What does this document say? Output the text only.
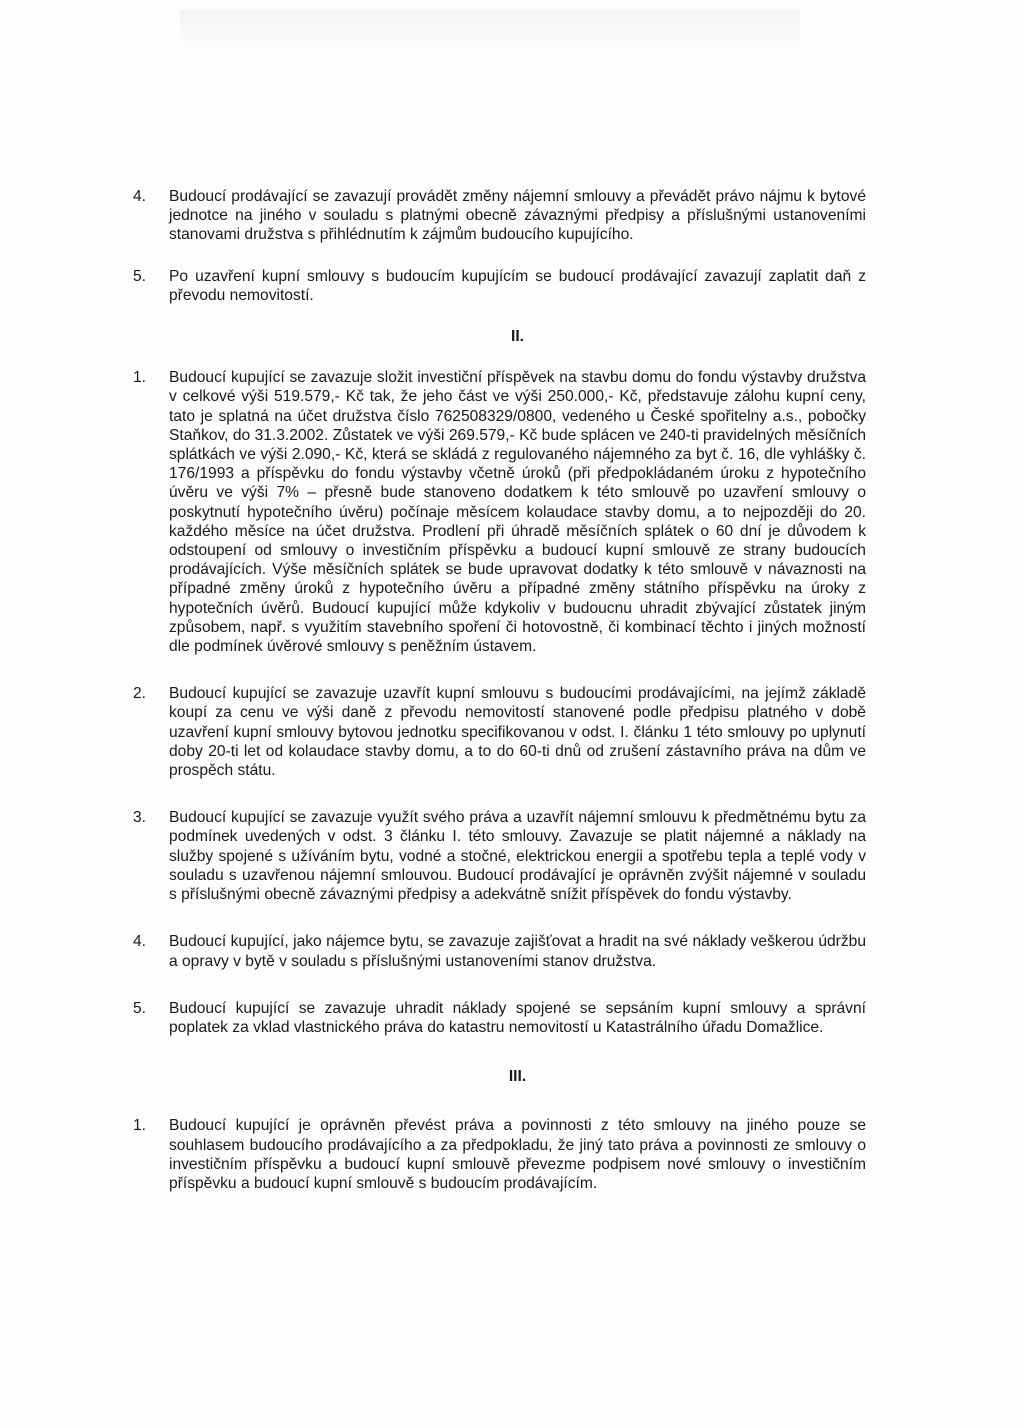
4. Budoucí prodávající se zavazují provádět změny nájemní smlouvy a převádět právo nájmu k bytové jednotce na jiného v souladu s platnými obecně závaznými předpisy a příslušnými ustanoveními stanovami družstva s přihlédnutím k zájmům budoucího kupujícího.
5. Po uzavření kupní smlouvy s budoucím kupujícím se budoucí prodávající zavazují zaplatit daň z převodu nemovitostí.
II.
1. Budoucí kupující se zavazuje složit investiční příspěvek na stavbu domu do fondu výstavby družstva v celkové výši 519.579,- Kč tak, že jeho část ve výši 250.000,- Kč, představuje zálohu kupní ceny, tato je splatná na účet družstva číslo 762508329/0800, vedeného u České spořitelny a.s., pobočky Staňkov, do 31.3.2002. Zůstatek ve výši 269.579,- Kč bude splácen ve 240-ti pravidelných měsíčních splátkách ve výši 2.090,- Kč, která se skládá z regulovaného nájemného za byt č. 16, dle vyhlášky č. 176/1993 a příspěvku do fondu výstavby včetně úroků (při předpokládaném úroku z hypotečního úvěru ve výši 7% – přesně bude stanoveno dodatkem k této smlouvě po uzavření smlouvy o poskytnutí hypotečního úvěru) počínaje měsícem kolaudace stavby domu, a to nejpozději do 20. každého měsíce na účet družstva. Prodlení při úhradě měsíčních splátek o 60 dní je důvodem k odstoupení od smlouvy o investičním příspěvku a budoucí kupní smlouvě ze strany budoucích prodávajících. Výše měsíčních splátek se bude upravovat dodatky k této smlouvě v návaznosti na případné změny úroků z hypotečního úvěru a případné změny státního příspěvku na úroky z hypotečních úvěrů. Budoucí kupující může kdykoliv v budoucnu uhradit zbývající zůstatek jiným způsobem, např. s využitím stavebního spoření či hotovostně, či kombinací těchto i jiných možností dle podmínek úvěrové smlouvy s peněžním ústavem.
2. Budoucí kupující se zavazuje uzavřít kupní smlouvu s budoucími prodávajícími, na jejímž základě koupí za cenu ve výši daně z převodu nemovitostí stanovené podle předpisu platného v době uzavření kupní smlouvy bytovou jednotku specifikovanou v odst. I. článku 1 této smlouvy po uplynutí doby 20-ti let od kolaudace stavby domu, a to do 60-ti dnů od zrušení zástavního práva na dům ve prospěch státu.
3. Budoucí kupující se zavazuje využít svého práva a uzavřít nájemní smlouvu k předmětnému bytu za podmínek uvedených v odst. 3 článku I. této smlouvy. Zavazuje se platit nájemné a náklady na služby spojené s užíváním bytu, vodné a stočné, elektrickou energii a spotřebu tepla a teplé vody v souladu s uzavřenou nájemní smlouvou. Budoucí prodávající je oprávněn zvýšit nájemné v souladu s příslušnými obecně závaznými předpisy a adekvátně snížit příspěvek do fondu výstavby.
4. Budoucí kupující, jako nájemce bytu, se zavazuje zajišťovat a hradit na své náklady veškerou údržbu a opravy v bytě v souladu s příslušnými ustanoveními stanov družstva.
5. Budoucí kupující se zavazuje uhradit náklady spojené se sepsáním kupní smlouvy a správní poplatek za vklad vlastnického práva do katastru nemovitostí u Katastrálního úřadu Domažlice.
III.
1. Budoucí kupující je oprávněn převést práva a povinnosti z této smlouvy na jiného pouze se souhlasem budoucího prodávajícího a za předpokladu, že jiný tato práva a povinnosti ze smlouvy o investičním příspěvku a budoucí kupní smlouvě převezme podpisem nové smlouvy o investičním příspěvku a budoucí kupní smlouvě s budoucím prodávajícím.
